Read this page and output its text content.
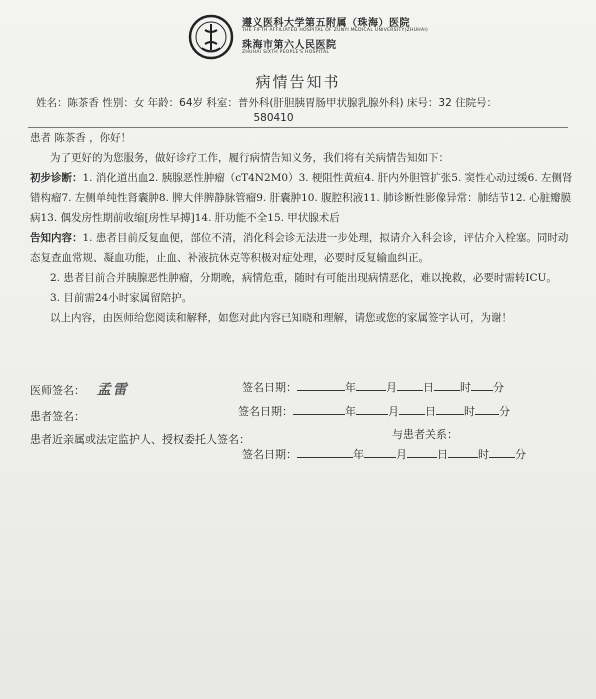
遵义医科大学第五附属（珠海）医院
THE FIFTH AFFILIATED HOSPITAL OF ZUNYI MEDICAL UNIVERSITY(ZHUHAI)
珠海市第六人民医院
ZHUHAI SIXTH PEOPLE'S HOSPITAL
病情告知书
姓名：陈茶香 性别：女 年龄：64岁 科室：普外科(肝胆胰胃肠甲状腺乳腺外科) 床号：32 住院号：
580410

患者 陈茶香 ，你好！

为了更好的为您服务，做好诊疗工作，履行病情告知义务，我们将有关病情告知如下：

初步诊断：1. 消化道出血2. 胰腺恶性肿瘤（cT4N2M0）3. 梗阻性黄疸4. 肝内外胆管扩张5. 窦性心动过缓6. 左侧肾错构瘤7. 左侧单纯性肾囊肿8. 脾大伴脾静脉管瘤9. 肝囊肿10. 腹腔积液11. 肺诊断性影像异常：肺结节12. 心脏瓣膜病13. 偶发房性期前收缩[房性早搏]14. 肝功能不全15. 甲状腺术后

告知内容：1. 患者目前反复血便，部位不清，消化科会诊无法进一步处理，拟请介入科会诊，评估介入栓塞。同时动态复查血常规、凝血功能，止血、补液抗休克等积极对症处理，必要时反复输血纠正。

2. 患者目前合并胰腺恶性肿瘤，分期晚，病情危重，随时有可能出现病情恶化，难以挽救，必要时需转ICU。

3. 目前需24小时家属留陪护。

以上内容，由医师给您阅读和解释，如您对此内容已知晓和理解，请您或您的家属签字认可，为谢！

医师签名： 孟雷	签名日期：	年	月 日 时 分
患者签名：	签名日期：	年	月 日	时 分
患者近亲属或法定监护人、授权委托人签名：	与患者关系：
签名日期：	年	月	日	时 分
